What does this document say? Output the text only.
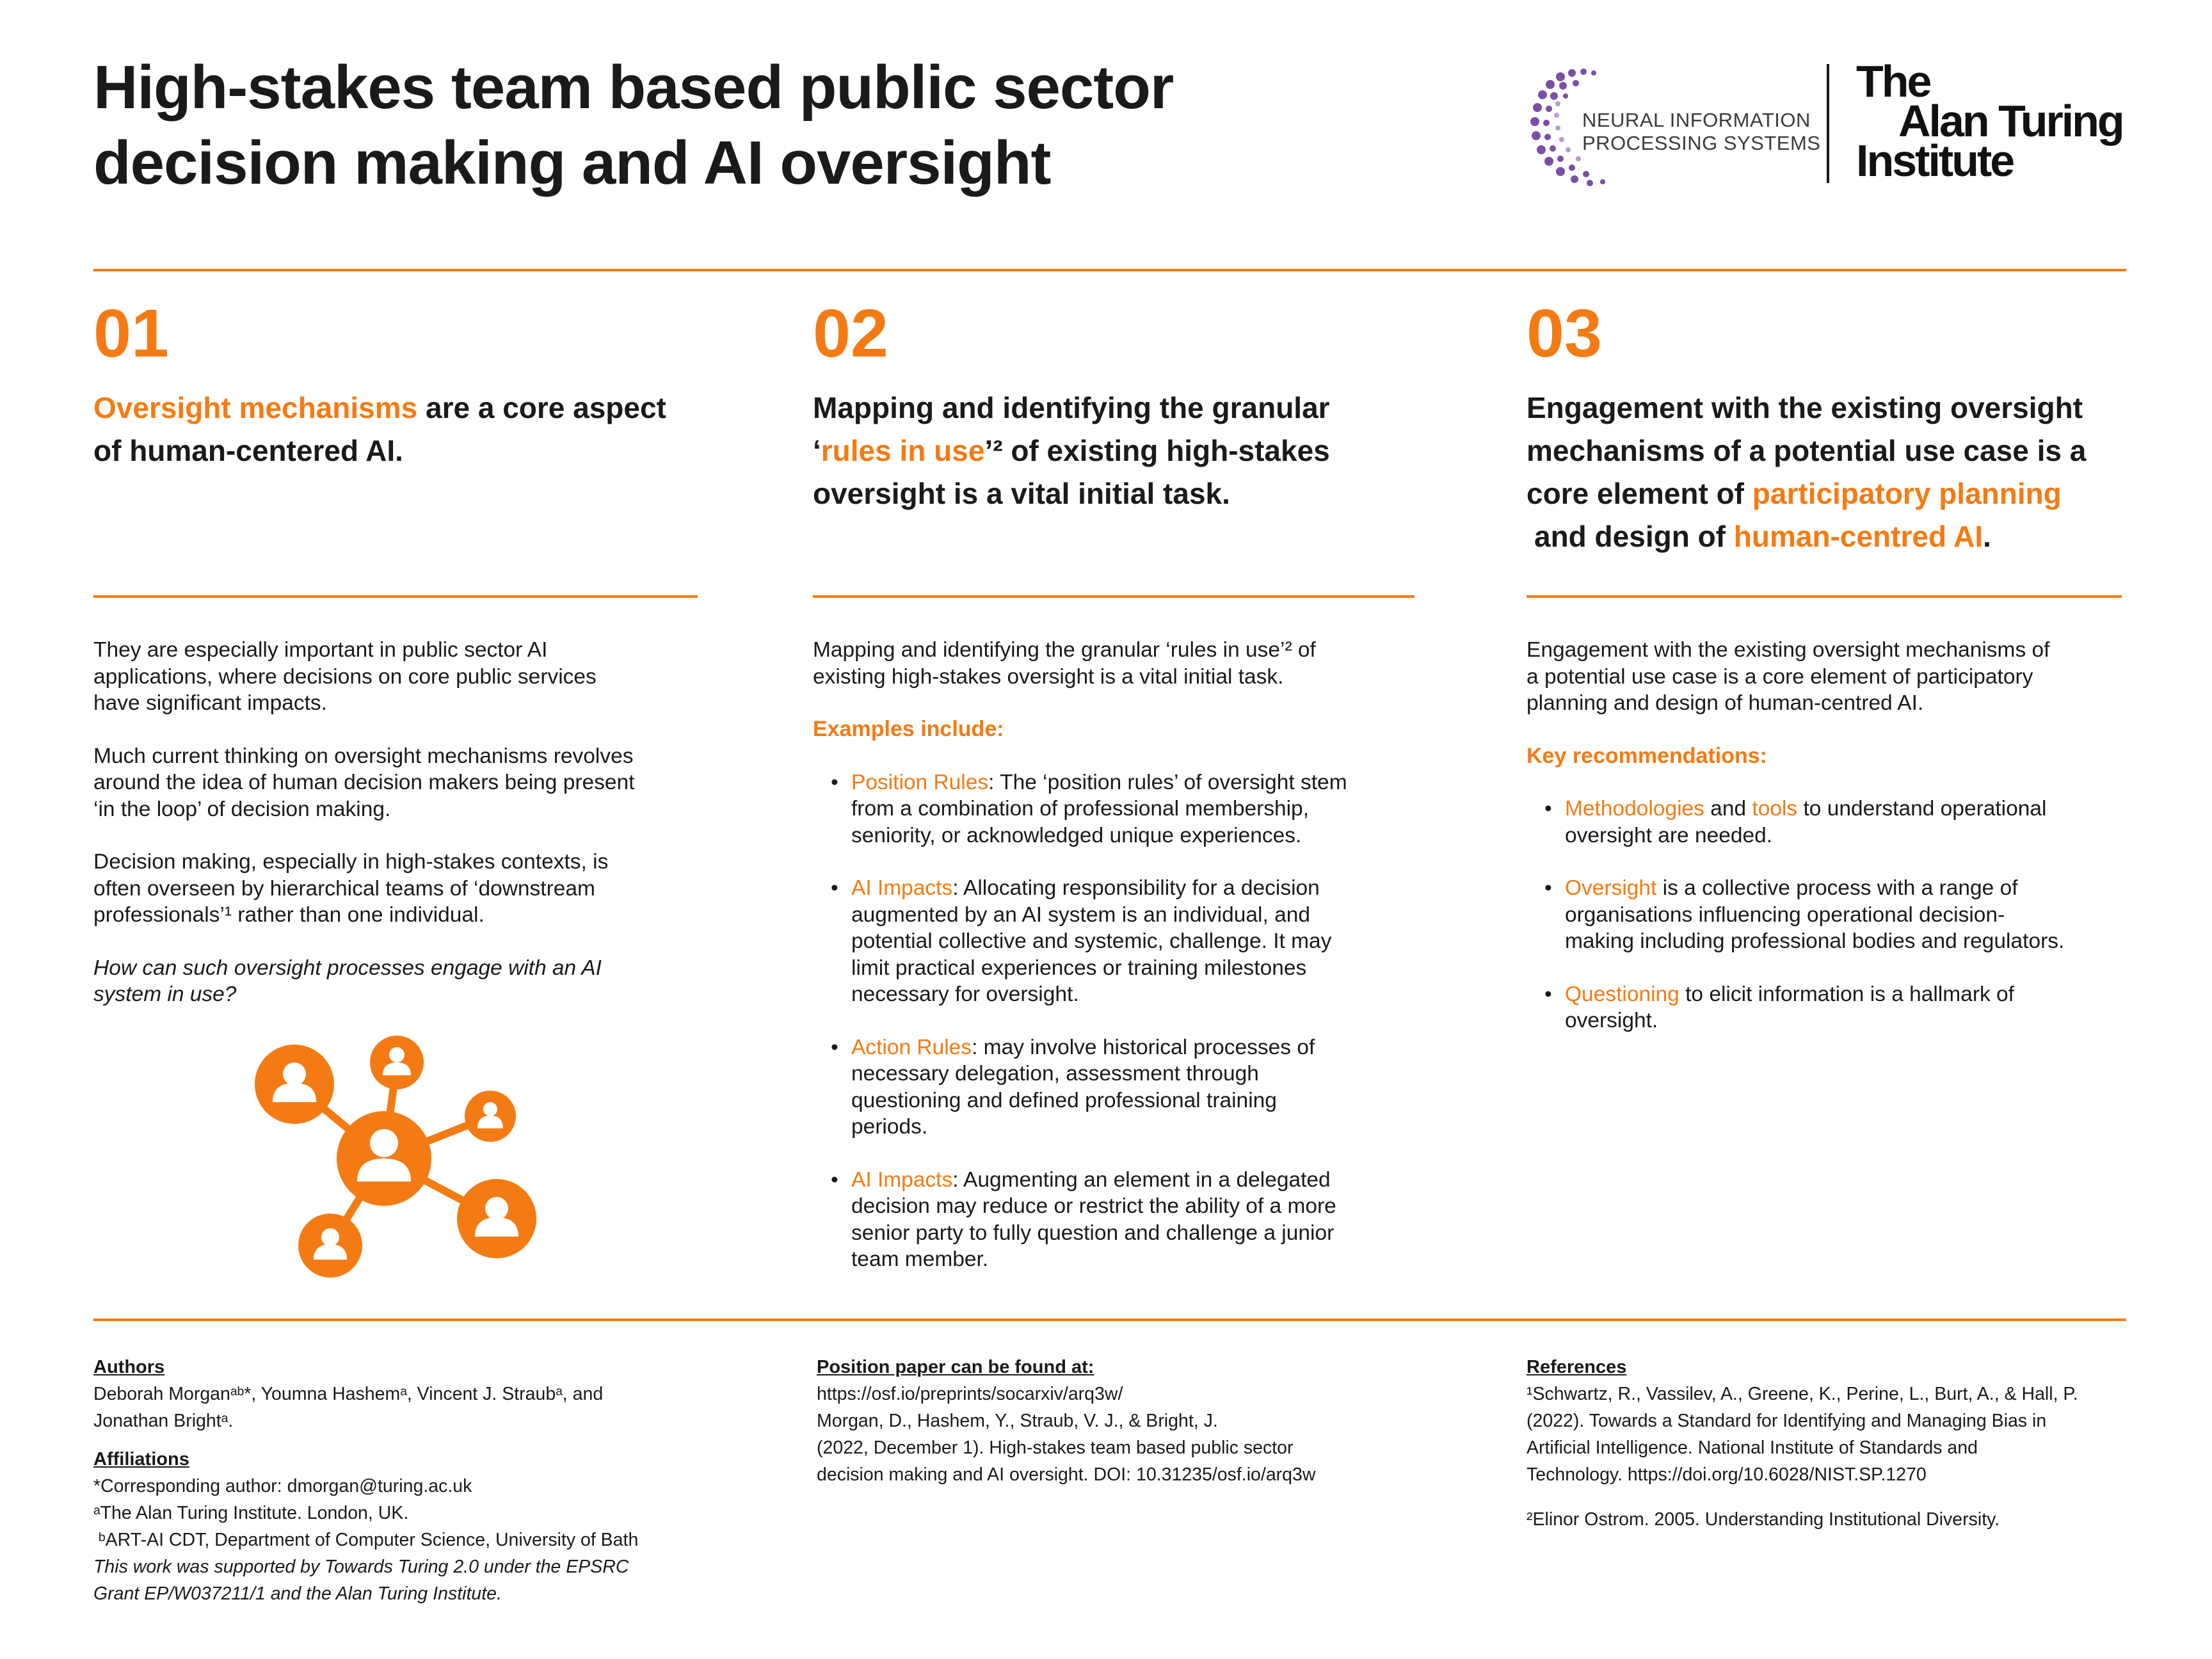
High-stakes team based public sector
decision making and AI oversight
NEURAL INFORMATION
PROCESSING SYSTEMS
The
Alan Turing
Institute
01
Oversight mechanisms are a core aspect
of human-centered AI.

They are especially important in public sector AI
applications, where decisions on core public services
have significant impacts.

Much current thinking on oversight mechanisms revolves
around the idea of human decision makers being present
‘in the loop’ of decision making.

Decision making, especially in high-stakes contexts, is
often overseen by hierarchical teams of ‘downstream
professionals’¹ rather than one individual.

How can such oversight processes engage with an AI
system in use?

02
Mapping and identifying the granular
‘rules in use’² of existing high-stakes
oversight is a vital initial task.

Mapping and identifying the granular ‘rules in use’² of
existing high-stakes oversight is a vital initial task.

Examples include:

• Position Rules: The ‘position rules’ of oversight stem
from a combination of professional membership,
seniority, or acknowledged unique experiences.
• AI Impacts: Allocating responsibility for a decision
augmented by an AI system is an individual, and
potential collective and systemic, challenge. It may
limit practical experiences or training milestones
necessary for oversight.
• Action Rules: may involve historical processes of
necessary delegation, assessment through
questioning and defined professional training
periods.
• AI Impacts: Augmenting an element in a delegated
decision may reduce or restrict the ability of a more
senior party to fully question and challenge a junior
team member.
03
Engagement with the existing oversight
mechanisms of a potential use case is a
core element of participatory planning
and design of human-centred AI.

Engagement with the existing oversight mechanisms of
a potential use case is a core element of participatory
planning and design of human-centred AI.

Key recommendations:

• Methodologies and tools to understand operational
oversight are needed.
• Oversight is a collective process with a range of
organisations influencing operational decision-
making including professional bodies and regulators.
• Questioning to elicit information is a hallmark of
oversight.
Authors
Deborah Morganᵃᵇ*, Youmna Hashemᵃ, Vincent J. Straubᵃ, and
Jonathan Brightᵃ.
Affiliations
*Corresponding author: dmorgan@turing.ac.uk
ᵃThe Alan Turing Institute. London, UK.
ᵇART-AI CDT, Department of Computer Science, University of Bath
This work was supported by Towards Turing 2.0 under the EPSRC
Grant EP/W037211/1 and the Alan Turing Institute.
Position paper can be found at:
https://osf.io/preprints/socarxiv/arq3w/
Morgan, D., Hashem, Y., Straub, V. J., & Bright, J.
(2022, December 1). High-stakes team based public sector
decision making and AI oversight. DOI: 10.31235/osf.io/arq3w
References
¹Schwartz, R., Vassilev, A., Greene, K., Perine, L., Burt, A., & Hall, P.
(2022). Towards a Standard for Identifying and Managing Bias in
Artificial Intelligence. National Institute of Standards and
Technology. https://doi.org/10.6028/NIST.SP.1270
²Elinor Ostrom. 2005. Understanding Institutional Diversity.
